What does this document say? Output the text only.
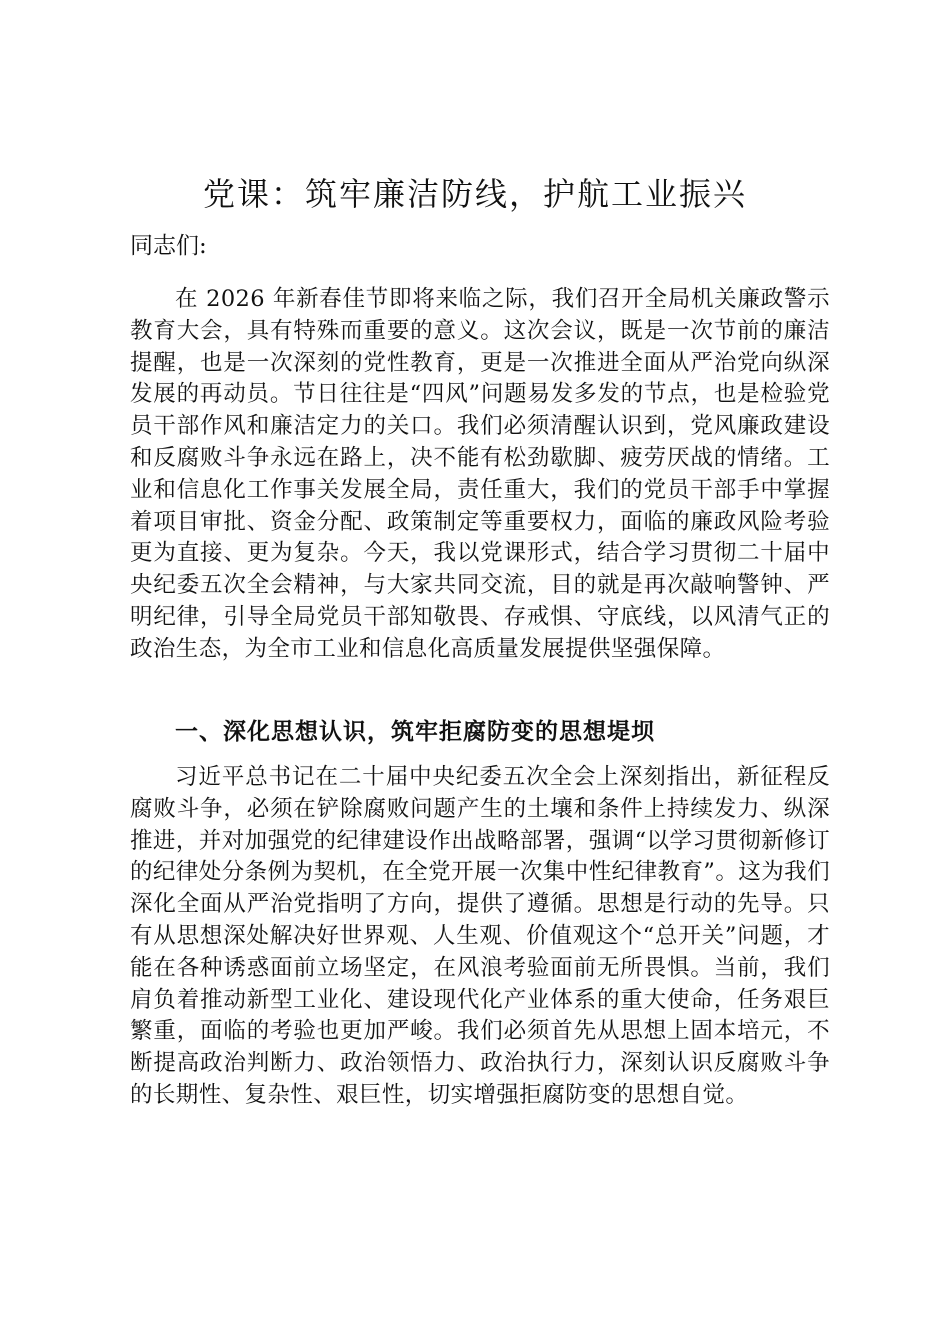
党课：筑牢廉洁防线，护航工业振兴

同志们:

在 2026 年新春佳节即将来临之际，我们召开全局机关廉政警示教育大会，具有特殊而重要的意义。这次会议，既是一次节前的廉洁提醒，也是一次深刻的党性教育，更是一次推进全面从严治党向纵深发展的再动员。节日往往是“四风”问题易发多发的节点，也是检验党员干部作风和廉洁定力的关口。我们必须清醒认识到，党风廉政建设和反腐败斗争永远在路上，决不能有松劲歇脚、疲劳厌战的情绪。工业和信息化工作事关发展全局，责任重大，我们的党员干部手中掌握着项目审批、资金分配、政策制定等重要权力，面临的廉政风险考验更为直接、更为复杂。今天，我以党课形式，结合学习贯彻二十届中央纪委五次全会精神，与大家共同交流，目的就是再次敲响警钟、严明纪律，引导全局党员干部知敬畏、存戒惧、守底线，以风清气正的政治生态，为全市工业和信息化高质量发展提供坚强保障。

一、深化思想认识，筑牢拒腐防变的思想堤坝

习近平总书记在二十届中央纪委五次全会上深刻指出，新征程反腐败斗争，必须在铲除腐败问题产生的土壤和条件上持续发力、纵深推进，并对加强党的纪律建设作出战略部署，强调“以学习贯彻新修订的纪律处分条例为契机，在全党开展一次集中性纪律教育”。这为我们深化全面从严治党指明了方向，提供了遵循。思想是行动的先导。只有从思想深处解决好世界观、人生观、价值观这个“总开关”问题，才能在各种诱惑面前立场坚定，在风浪考验面前无所畏惧。当前，我们肩负着推动新型工业化、建设现代化产业体系的重大使命，任务艰巨繁重，面临的考验也更加严峻。我们必须首先从思想上固本培元，不断提高政治判断力、政治领悟力、政治执行力，深刻认识反腐败斗争的长期性、复杂性、艰巨性，切实增强拒腐防变的思想自觉。
